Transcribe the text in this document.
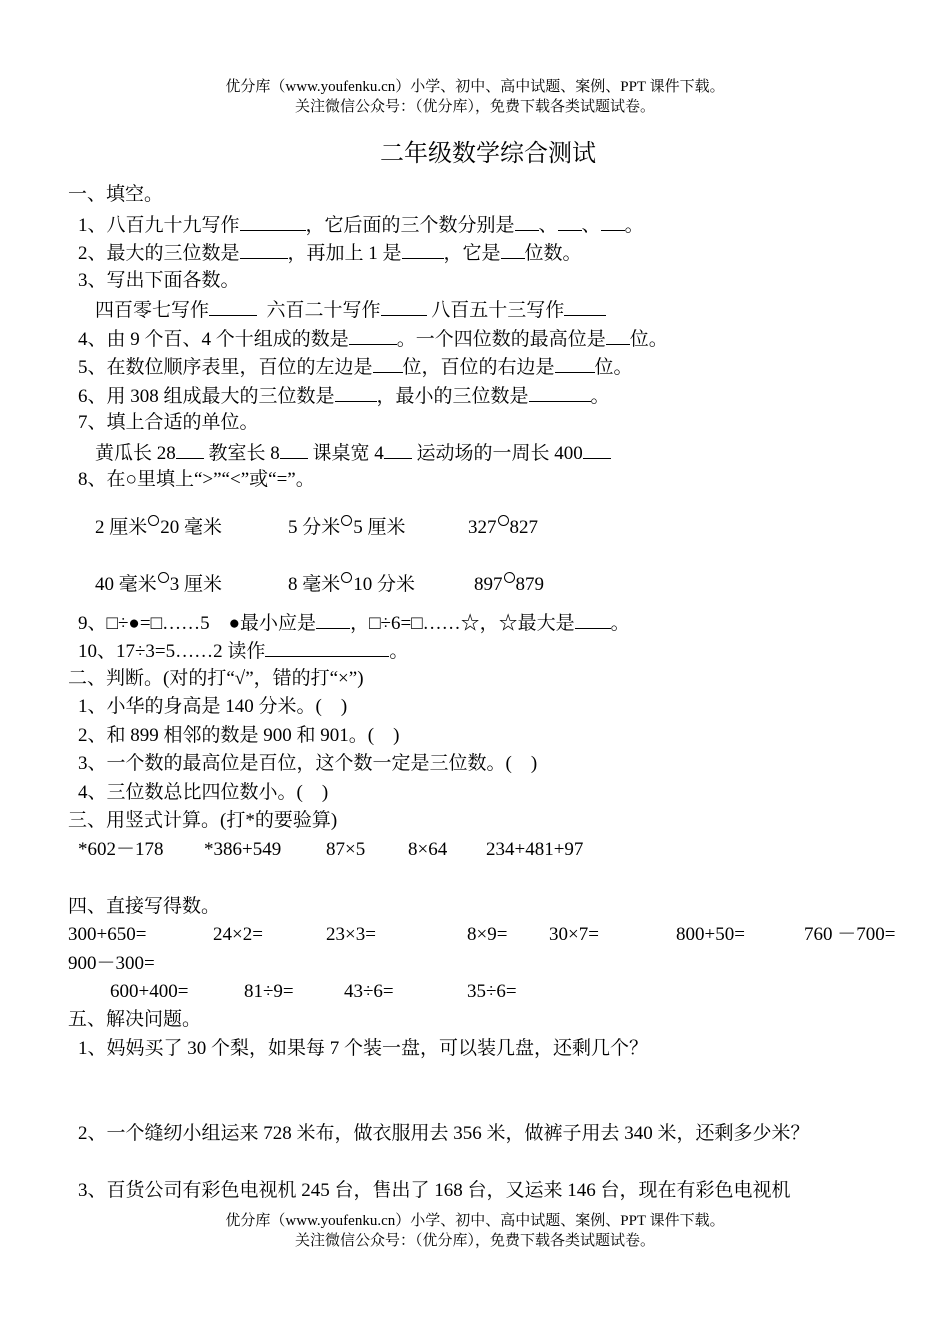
优分库（www.youfenku.cn）小学、初中、高中试题、案例、PPT 课件下载。
关注微信公众号：（优分库），免费下载各类试题试卷。
二年级数学综合测试
一、填空。
1、八百九十九写作	，它后面的三个数分别是 、 、 。
2、最大的三位数是	，再加上 1 是 ，它是 位数。
3、写出下面各数。
四百零七写作	六百二十写作	八百五十三写作
4、由 9 个百、4 个十组成的数是	。一个四位数的最高位是 位。
5、在数位顺序表里，百位的左边是 位，百位的右边是 位。
6、用 308 组成最大的三位数是 ，最小的三位数是	。
7、填上合适的单位。
黄瓜长 28 教室长 8 课桌宽 4 运动场的一周长 400
8、在○里填上“>”“<”或“=”。
2 厘米 20 毫米	5 分米 5 厘米	327 827
40 毫米 3 厘米	8 毫米 10 分米	897 879
9、□÷●=□……5　●最小应是 ，□÷6=□……☆，☆最大是 。
10、17÷3=5……2 读作	。
二、判断。(对的打“√”，错的打“×”)
1、小华的身高是 140 分米。(　)
2、和 899 相邻的数是 900 和 901。(　)
3、一个数的最高位是百位，这个数一定是三位数。(　)
4、三位数总比四位数小。(　)
三、用竖式计算。(打*的要验算)
*602－178 *386+549 87×5 8×64 234+481+97
四、直接写得数。
300+650=	24×2=	23×3=	8×9= 30×7=	800+50=	760 －700=
900－300=
600+400=	81÷9=	43÷6=	35÷6=
五、解决问题。
1、妈妈买了 30 个梨，如果每 7 个装一盘，可以装几盘，还剩几个？
2、一个缝纫小组运来 728 米布，做衣服用去 356 米，做裤子用去 340 米，还剩多少米？
3、百货公司有彩色电视机 245 台，售出了 168 台，又运来 146 台，现在有彩色电视机
优分库（www.youfenku.cn）小学、初中、高中试题、案例、PPT 课件下载。
关注微信公众号：（优分库），免费下载各类试题试卷。
